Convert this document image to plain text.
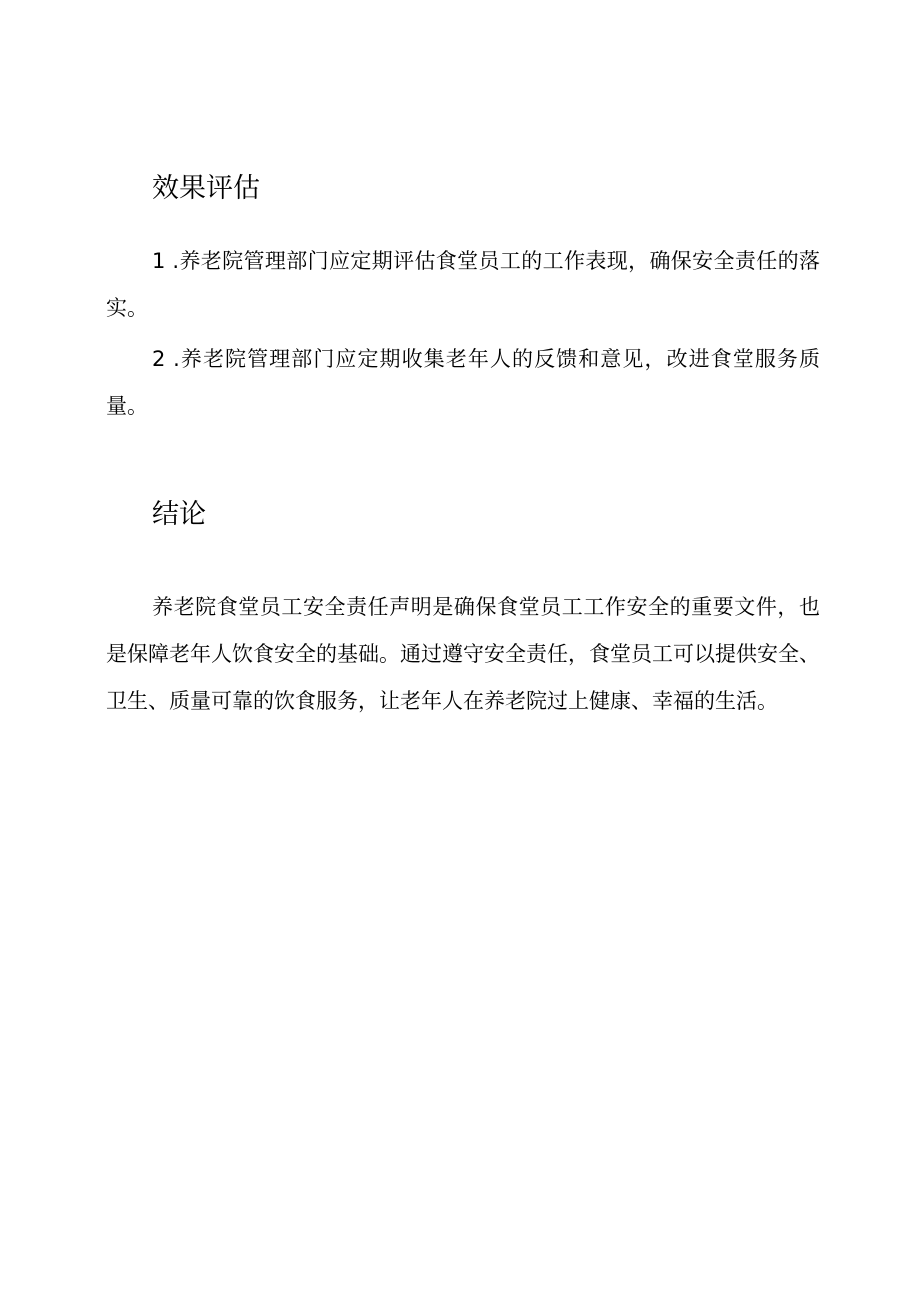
效果评估

1 .养老院管理部门应定期评估食堂员工的工作表现，确保安全责任的落实。

2 .养老院管理部门应定期收集老年人的反馈和意见，改进食堂服务质量。

结论

养老院食堂员工安全责任声明是确保食堂员工工作安全的重要文件，也是保障老年人饮食安全的基础。通过遵守安全责任，食堂员工可以提供安全、卫生、质量可靠的饮食服务，让老年人在养老院过上健康、幸福的生活。
